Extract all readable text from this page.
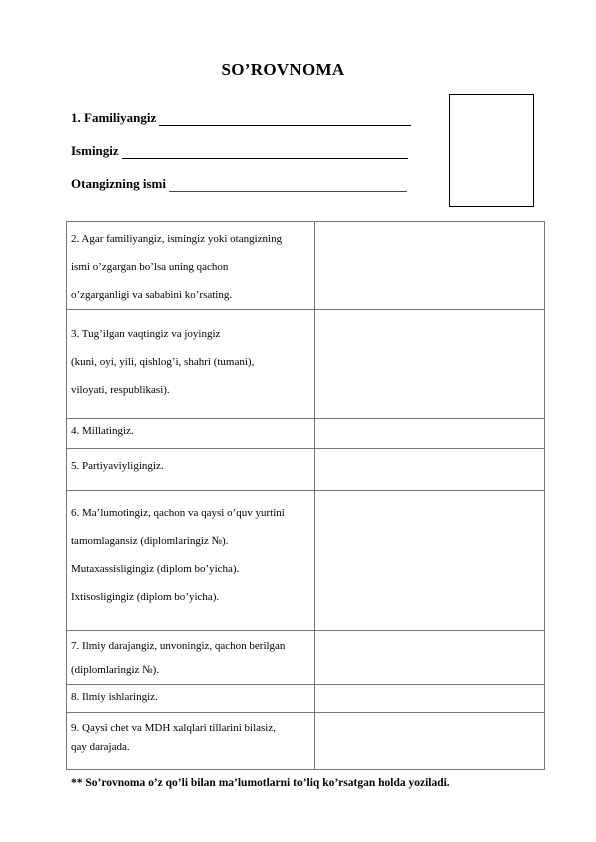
SO’ROVNOMA
1. Familiyangiz
Ismingiz
Otangizning ismi
2. Agar familiyangiz, ismingiz yoki otangizning
ismi o’zgargan bo’lsa uning qachon
o’zgarganligi va sababini ko’rsating.	

3. Tug’ilgan vaqtingiz va joyingiz
(kuni, oyi, yili, qishlog’i, shahri (tumani),
viloyati, respublikasi).	

4. Millatingiz.	

5. Partiyaviyligingiz.	

6. Ma’lumotingiz, qachon va qaysi o’quv yurtini
tamomlagansiz (diplomlaringiz №).
Mutaxassisligingiz (diplom bo’yicha).
Ixtisosligingiz (diplom bo’yicha).	

7. Ilmiy darajangiz, unvoningiz, qachon berilgan
(diplomlaringiz №).	

8. Ilmiy ishlaringiz.	

9. Qaysi chet va MDH xalqlari tillarini bilasiz,
qay darajada.	

** So’rovnoma o’z qo’li bilan ma’lumotlarni to’liq ko’rsatgan holda yoziladi.
